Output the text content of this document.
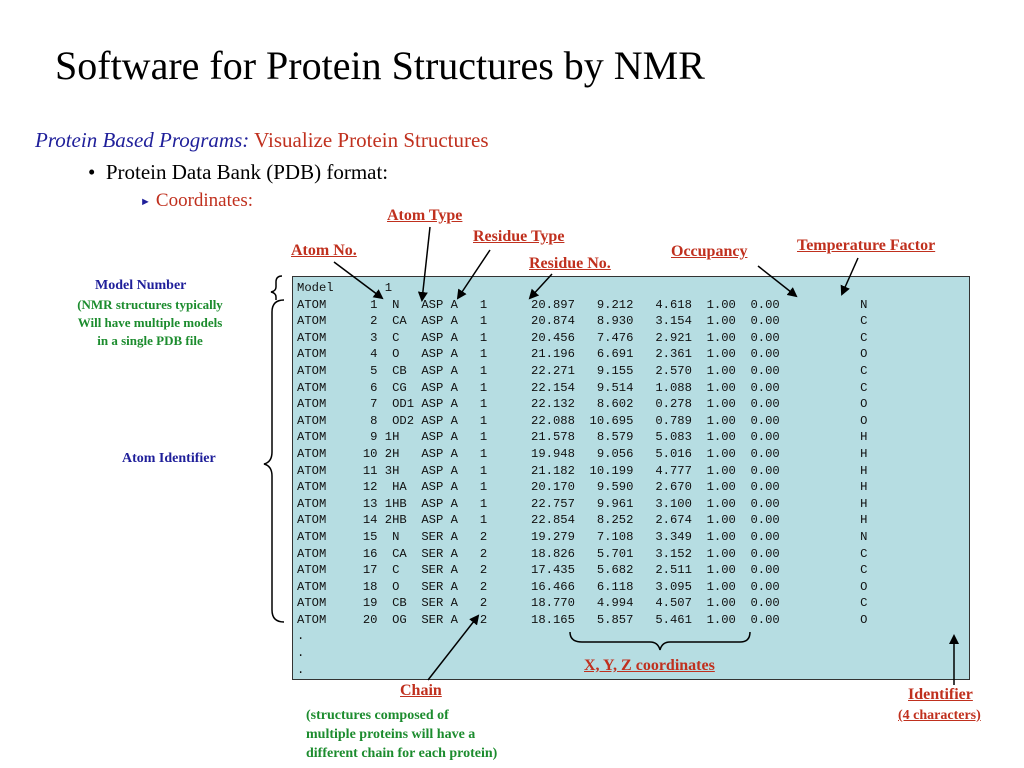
Software for Protein Structures by NMR
Protein Based Programs: Visualize Protein Structures
• Protein Data Bank (PDB) format:
► Coordinates:
Model       1
ATOM      1  N   ASP A   1      20.897   9.212   4.618  1.00  0.00           N
ATOM      2  CA  ASP A   1      20.874   8.930   3.154  1.00  0.00           C
ATOM      3  C   ASP A   1      20.456   7.476   2.921  1.00  0.00           C
ATOM      4  O   ASP A   1      21.196   6.691   2.361  1.00  0.00           O
ATOM      5  CB  ASP A   1      22.271   9.155   2.570  1.00  0.00           C
ATOM      6  CG  ASP A   1      22.154   9.514   1.088  1.00  0.00           C
ATOM      7  OD1 ASP A   1      22.132   8.602   0.278  1.00  0.00           O
ATOM      8  OD2 ASP A   1      22.088  10.695   0.789  1.00  0.00           O
ATOM      9 1H   ASP A   1      21.578   8.579   5.083  1.00  0.00           H
ATOM     10 2H   ASP A   1      19.948   9.056   5.016  1.00  0.00           H
ATOM     11 3H   ASP A   1      21.182  10.199   4.777  1.00  0.00           H
ATOM     12  HA  ASP A   1      20.170   9.590   2.670  1.00  0.00           H
ATOM     13 1HB  ASP A   1      22.757   9.961   3.100  1.00  0.00           H
ATOM     14 2HB  ASP A   1      22.854   8.252   2.674  1.00  0.00           H
ATOM     15  N   SER A   2      19.279   7.108   3.349  1.00  0.00           N
ATOM     16  CA  SER A   2      18.826   5.701   3.152  1.00  0.00           C
ATOM     17  C   SER A   2      17.435   5.682   2.511  1.00  0.00           C
ATOM     18  O   SER A   2      16.466   6.118   3.095  1.00  0.00           O
ATOM     19  CB  SER A   2      18.770   4.994   4.507  1.00  0.00           C
ATOM     20  OG  SER A   2      18.165   5.857   5.461  1.00  0.00           O
.
.
.
Atom Type
Residue Type
Atom No.
Residue No.
Occupancy	Temperature Factor
X, Y, Z coordinates
Chain	Identifier
(4 characters)
(structures composed of
multiple proteins will have a
different chain for each protein)
Model Number
(NMR structures typically
Will have multiple models
in a single PDB file
Atom Identifier
